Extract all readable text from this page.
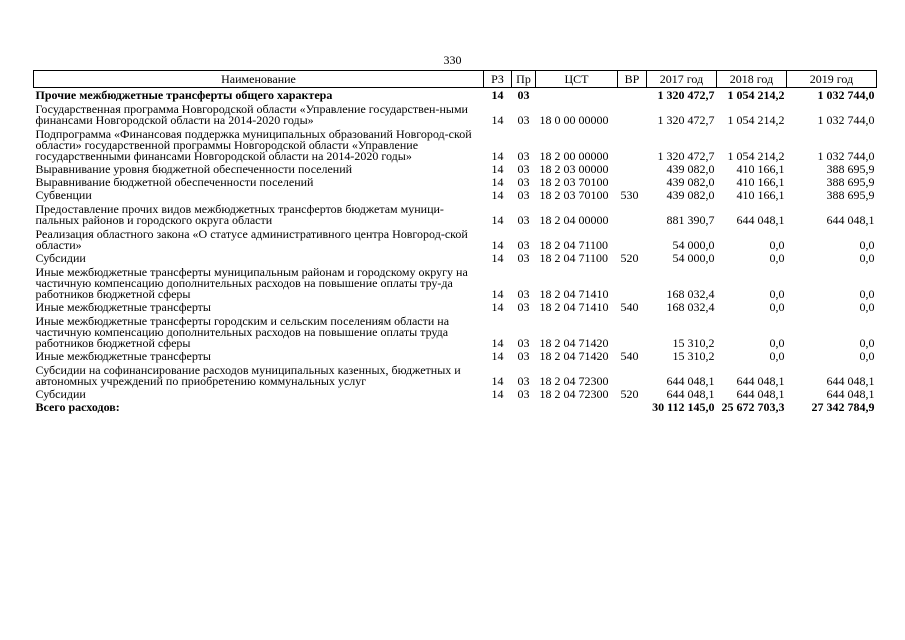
330
Наименование	РЗ	Пр	ЦСТ	ВР	2017 год	2018 год	2019 год
Прочие межбюджетные трансферты общего характера	14	03			1 320 472,7	1 054 214,2	1 032 744,0
Государственная программа Новгородской области «Управление государствен-ными финансами Новгородской области на 2014-2020 годы»	14	03	18 0 00 00000		1 320 472,7	1 054 214,2	1 032 744,0
Подпрограмма «Финансовая поддержка муниципальных образований Новгород-ской области» государственной программы Новгородской области «Управление государственными финансами Новгородской области на 2014-2020 годы»	14	03	18 2 00 00000		1 320 472,7	1 054 214,2	1 032 744,0
Выравнивание уровня бюджетной обеспеченности поселений	14	03	18 2 03 00000		439 082,0	410 166,1	388 695,9
Выравнивание бюджетной обеспеченности поселений	14	03	18 2 03 70100		439 082,0	410 166,1	388 695,9
Субвенции	14	03	18 2 03 70100	530	439 082,0	410 166,1	388 695,9
Предоставление прочих видов межбюджетных трансфертов бюджетам муници-пальных районов и городского округа области	14	03	18 2 04 00000		881 390,7	644 048,1	644 048,1
Реализация областного закона «О статусе административного центра Новгород-ской области»	14	03	18 2 04 71100		54 000,0	0,0	0,0
Субсидии	14	03	18 2 04 71100	520	54 000,0	0,0	0,0
Иные межбюджетные трансферты муниципальным районам и городскому округу на частичную компенсацию дополнительных расходов на повышение оплаты тру-да работников бюджетной сферы	14	03	18 2 04 71410		168 032,4	0,0	0,0
Иные межбюджетные трансферты	14	03	18 2 04 71410	540	168 032,4	0,0	0,0
Иные межбюджетные трансферты городским и сельским поселениям области на частичную компенсацию дополнительных расходов на повышение оплаты труда работников бюджетной сферы	14	03	18 2 04 71420		15 310,2	0,0	0,0
Иные межбюджетные трансферты	14	03	18 2 04 71420	540	15 310,2	0,0	0,0
Субсидии на софинансирование расходов муниципальных казенных, бюджетных и автономных учреждений по приобретению коммунальных услуг	14	03	18 2 04 72300		644 048,1	644 048,1	644 048,1
Субсидии	14	03	18 2 04 72300	520	644 048,1	644 048,1	644 048,1
Всего расходов:					30 112 145,0	25 672 703,3	27 342 784,9
